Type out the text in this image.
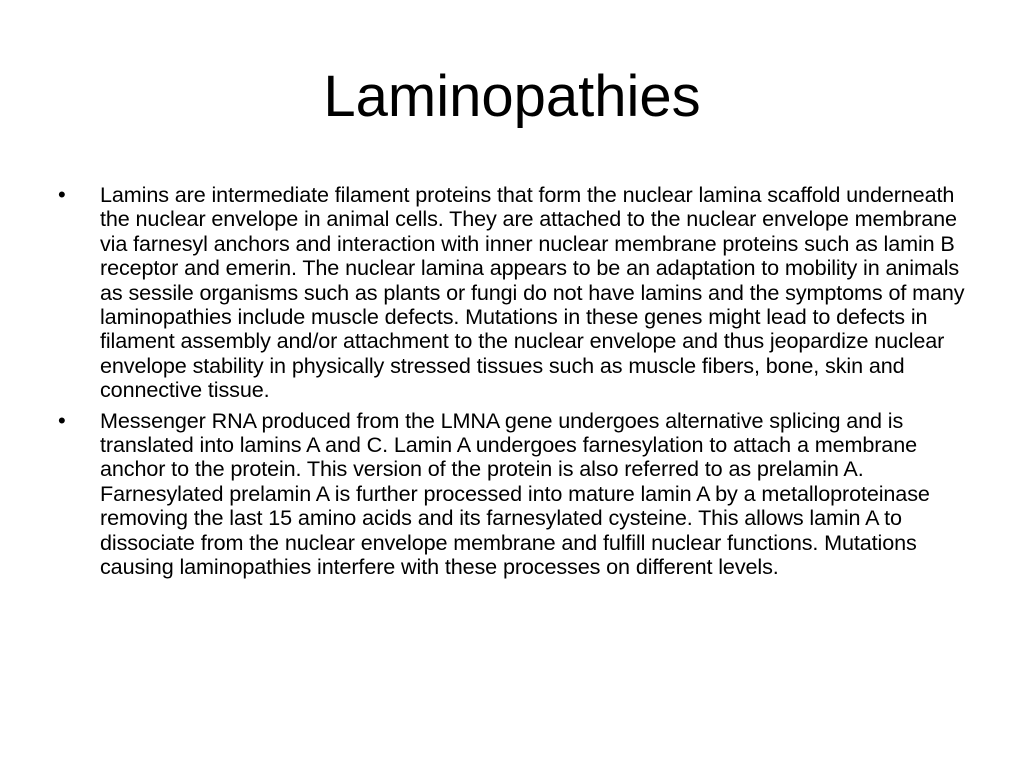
Laminopathies
•	Lamins are intermediate filament proteins that form the nuclear lamina scaffold underneath the nuclear envelope in animal cells. They are attached to the nuclear envelope membrane via farnesyl anchors and interaction with inner nuclear membrane proteins such as lamin B receptor and emerin. The nuclear lamina appears to be an adaptation to mobility in animals as sessile organisms such as plants or fungi do not have lamins and the symptoms of many laminopathies include muscle defects. Mutations in these genes might lead to defects in filament assembly and/or attachment to the nuclear envelope and thus jeopardize nuclear envelope stability in physically stressed tissues such as muscle fibers, bone, skin and connective tissue.
•	Messenger RNA produced from the LMNA gene undergoes alternative splicing and is translated into lamins A and C. Lamin A undergoes farnesylation to attach a membrane anchor to the protein. This version of the protein is also referred to as prelamin A. Farnesylated prelamin A is further processed into mature lamin A by a metalloproteinase removing the last 15 amino acids and its farnesylated cysteine. This allows lamin A to dissociate from the nuclear envelope membrane and fulfill nuclear functions. Mutations causing laminopathies interfere with these processes on different levels.
